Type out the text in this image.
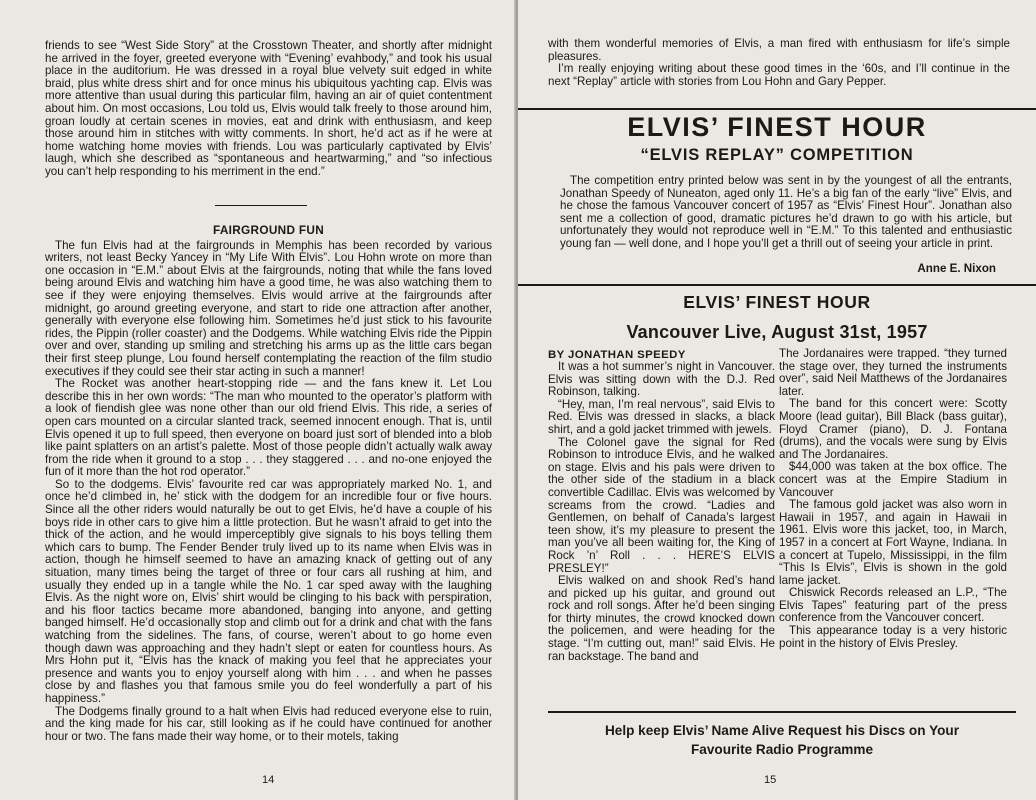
friends to see “West Side Story” at the Crosstown Theater, and shortly after midnight he arrived in the foyer, greeted everyone with “Evening’ evahbody,” and took his usual place in the auditorium. He was dressed in a royal blue velvety suit edged in white braid, plus white dress shirt and for once minus his ubiquitous yachting cap. Elvis was more attentive than usual during this particular film, having an air of quiet contentment about him. On most occasions, Lou told us, Elvis would talk freely to those around him, groan loudly at certain scenes in movies, eat and drink with enthusiasm, and keep those around him in stitches with witty comments. In short, he’d act as if he were at home watching home movies with friends. Lou was particularly captivated by Elvis’ laugh, which she described as “spontaneous and heartwarming,” and “so infectious you can’t help responding to his merriment in the end.”

FAIRGROUND FUN

The fun Elvis had at the fairgrounds in Memphis has been recorded by various writers, not least Becky Yancey in “My Life With Elvis”. Lou Hohn wrote on more than one occasion in “E.M.” about Elvis at the fairgrounds, noting that while the fans loved being around Elvis and watching him have a good time, he was also watching them to see if they were enjoying themselves. Elvis would arrive at the fairgrounds after midnight, go around greeting everyone, and start to ride one attraction after another, generally with everyone else following him. Sometimes he’d just stick to his favourite rides, the Pippin (roller coaster) and the Dodgems. While watching Elvis ride the Pippin over and over, standing up smiling and stretching his arms up as the little cars began their first steep plunge, Lou found herself contemplating the reaction of the film studio executives if they could see their star acting in such a manner!

The Rocket was another heart-stopping ride — and the fans knew it. Let Lou describe this in her own words: “The man who mounted to the operator’s platform with a look of fiendish glee was none other than our old friend Elvis. This ride, a series of open cars mounted on a circular slanted track, seemed innocent enough. That is, until Elvis opened it up to full speed, then everyone on board just sort of blended into a blob like paint splatters on an artist’s palette. Most of those people didn’t actually walk away from the ride when it ground to a stop . . . they staggered . . . and no-one enjoyed the fun of it more than the hot rod operator.”

So to the dodgems. Elvis’ favourite red car was appropriately marked No. 1, and once he’d climbed in, he’ stick with the dodgem for an incredible four or five hours. Since all the other riders would naturally be out to get Elvis, he’d have a couple of his boys ride in other cars to give him a little protection. But he wasn’t afraid to get into the thick of the action, and he would imperceptibly give signals to his boys telling them which cars to bump. The Fender Bender truly lived up to its name when Elvis was in action, though he himself seemed to have an amazing knack of getting out of any situation, many times being the target of three or four cars all rushing at him, and usually they ended up in a tangle while the No. 1 car sped away with the laughing Elvis. As the night wore on, Elvis’ shirt would be clinging to his back with perspiration, and his floor tactics became more abandoned, banging into anyone, and getting banged himself. He’d occasionally stop and climb out for a drink and chat with the fans watching from the sidelines. The fans, of course, weren’t about to go home even though dawn was approaching and they hadn’t slept or eaten for countless hours. As Mrs Hohn put it, “Elvis has the knack of making you feel that he appreciates your presence and wants you to enjoy yourself along with him . . . and when he passes close by and flashes you that famous smile you do feel wonderfully a part of his happiness.”

The Dodgems finally ground to a halt when Elvis had reduced everyone else to ruin, and the king made for his car, still looking as if he could have continued for another hour or two. The fans made their way home, or to their motels, taking

14

with them wonderful memories of Elvis, a man fired with enthusiasm for life’s simple pleasures.

I’m really enjoying writing about these good times in the ‘60s, and I’ll continue in the next “Replay” article with stories from Lou Hohn and Gary Pepper.

ELVIS’ FINEST HOUR
“ELVIS REPLAY” COMPETITION

The competition entry printed below was sent in by the youngest of all the entrants, Jonathan Speedy of Nuneaton, aged only 11. He’s a big fan of the early “live” Elvis, and he chose the famous Vancouver concert of 1957 as “Elvis’ Finest Hour”. Jonathan also sent me a collection of good, dramatic pictures he’d drawn to go with his article, but unfortunately they would not reproduce well in “E.M.” To this talented and enthusiastic young fan — well done, and I hope you’ll get a thrill out of seeing your article in print.

Anne E. Nixon
ELVIS’ FINEST HOUR
Vancouver Live, August 31st, 1957
BY JONATHAN SPEEDY

It was a hot summer’s night in Vancouver. Elvis was sitting down with the D.J. Red Robinson, talking.

“Hey, man, I’m real nervous”, said Elvis to Red. Elvis was dressed in slacks, a black shirt, and a gold jacket trimmed with jewels.

The Colonel gave the signal for Red Robinson to introduce Elvis, and he walked on stage. Elvis and his pals were driven to the other side of the stadium in a black convertible Cadillac. Elvis was welcomed by screams from the crowd. “Ladies and Gentlemen, on behalf of Canada’s largest teen show, it’s my pleasure to present the man you’ve all been waiting for, the King of Rock ’n’ Roll . . . HERE’S ELVIS PRESLEY!”

Elvis walked on and shook Red’s hand and picked up his guitar, and ground out rock and roll songs. After he’d been singing for thirty minutes, the crowd knocked down the policemen, and were heading for the stage. “I’m cutting out, man!” said Elvis. He ran backstage. The band and

The Jordanaires were trapped. “they turned the stage over, they turned the instruments over”, said Neil Matthews of the Jordanaires later.

The band for this concert were: Scotty Moore (lead guitar), Bill Black (bass guitar), Floyd Cramer (piano), D. J. Fontana (drums), and the vocals were sung by Elvis and The Jordanaires.

$44,000 was taken at the box office. The concert was at the Empire Stadium in Vancouver

The famous gold jacket was also worn in Hawaii in 1957, and again in Hawaii in 1961. Elvis wore this jacket, too, in March, 1957 in a concert at Fort Wayne, Indiana. In a concert at Tupelo, Mississippi, in the film “This Is Elvis”, Elvis is shown in the gold lame jacket.

Chiswick Records released an L.P., “The Elvis Tapes” featuring part of the press conference from the Vancouver concert.

This appearance today is a very historic point in the history of Elvis Presley.

Help keep Elvis’ Name Alive Request his Discs on Your
Favourite Radio Programme
15
